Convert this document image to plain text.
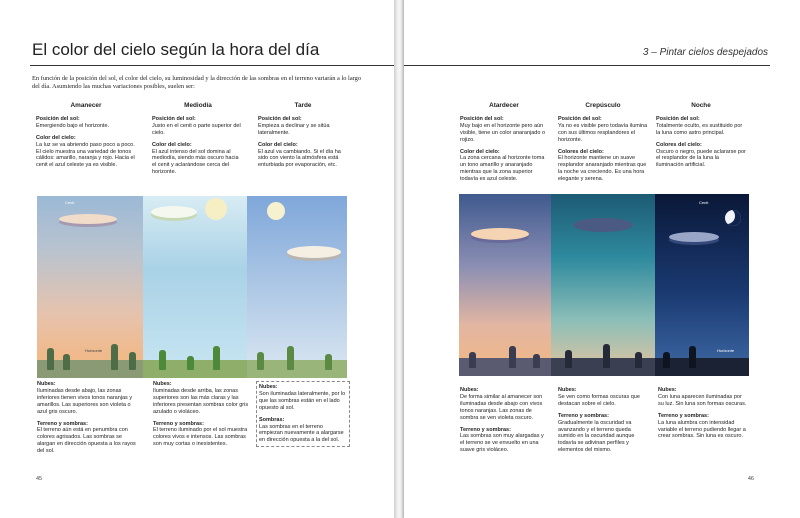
El color del cielo según la hora del día
En función de la posición del sol, el color del cielo, su luminosidad y la dirección de las sombras en el terreno variarán a lo largo del día. Asumiendo las muchas variaciones posibles, suelen ser:
Amanecer

Posición del sol:

Emergiendo bajo el horizonte.

Color del cielo:

La luz se va abriendo paso poco a poco. El cielo muestra una variedad de tonos cálidos: amarillo, naranja y rojo. Hacia el cenit el azul celeste ya es visible.

Mediodía

Posición del sol:

Justo en el cenit o parte superior del cielo.

Color del cielo:

El azul intenso del sol domina al mediodía, siendo más oscuro hacia el cenit y aclarándose cerca del horizonte.

Tarde

Posición del sol:

Empieza a declinar y se sitúa lateralmente.

Color del cielo:

El azul va cambiando. Si el día ha sido con viento la atmósfera está enturbiada por evaporación, etc.

Cenit
Horizonte

Nubes:

Iluminadas desde abajo, las zonas inferiores tienen vivos tonos naranjas y amarillos. Las superiores son violeta o azul gris oscuro.

Terreno y sombras:

El terreno aún está en penumbra con colores agrisados. Las sombras se alargan en dirección opuesta a los rayos del sol.

Nubes:

Iluminadas desde arriba, las zonas superiores son las más claras y las inferiores presentan sombras color gris azulado o violáceo.

Terreno y sombras:

El terreno iluminado por el sol muestra colores vivos e intensos. Las sombras son muy cortas o inexistentes.

Nubes:

Son iluminadas lateralmente, por lo que las sombras están en el lado opuesto al sol.

Sombras:

Las sombras en el terreno empiezan nuevamente a alargarse en dirección opuesta a la del sol.

45
3 – Pintar cielos despejados
Atardecer

Posición del sol:

Muy bajo en el horizonte pero aún visible, tiene un color anaranjado o rojizo.

Color del cielo:

La zona cercana al horizonte toma un tono amarillo y anaranjado mientras que la zona superior todavía es azul celeste.

Crepúsculo

Posición del sol:

Ya no es visible pero todavía ilumina con sus últimos resplandores el horizonte.

Colores del cielo:

El horizonte mantiene un suave resplandor anaranjado mientras que la noche va creciendo. Es una hora elegante y serena.

Noche

Posición del sol:

Totalmente oculto, es sustituido por la luna como astro principal.

Colores del cielo:

Oscuro o negro, puede aclararse por el resplandor de la luna la iluminación artificial.

Cenit
Horizonte

Nubes:

De forma similar al amanecer son iluminadas desde abajo con vivos tonos naranjas. Las zonas de sombra se ven violeta oscuro.

Terreno y sombras:

Las sombras son muy alargadas y el terreno se ve envuelto en una suave gris violáceo.

Nubes:

Se ven como formas oscuras que destacan sobre el cielo.

Terreno y sombras:

Gradualmente la oscuridad va avanzando y el terreno queda sumido en la oscuridad aunque todavía se adivinan perfiles y elementos del mismo.

Nubes:

Con luna aparecen iluminadas por su luz. Sin luna son formas oscuras.

Terreno y sombras:

La luna alumbra con intensidad variable el terreno pudiendo llegar a crear sombras. Sin luna es oscuro.

46
